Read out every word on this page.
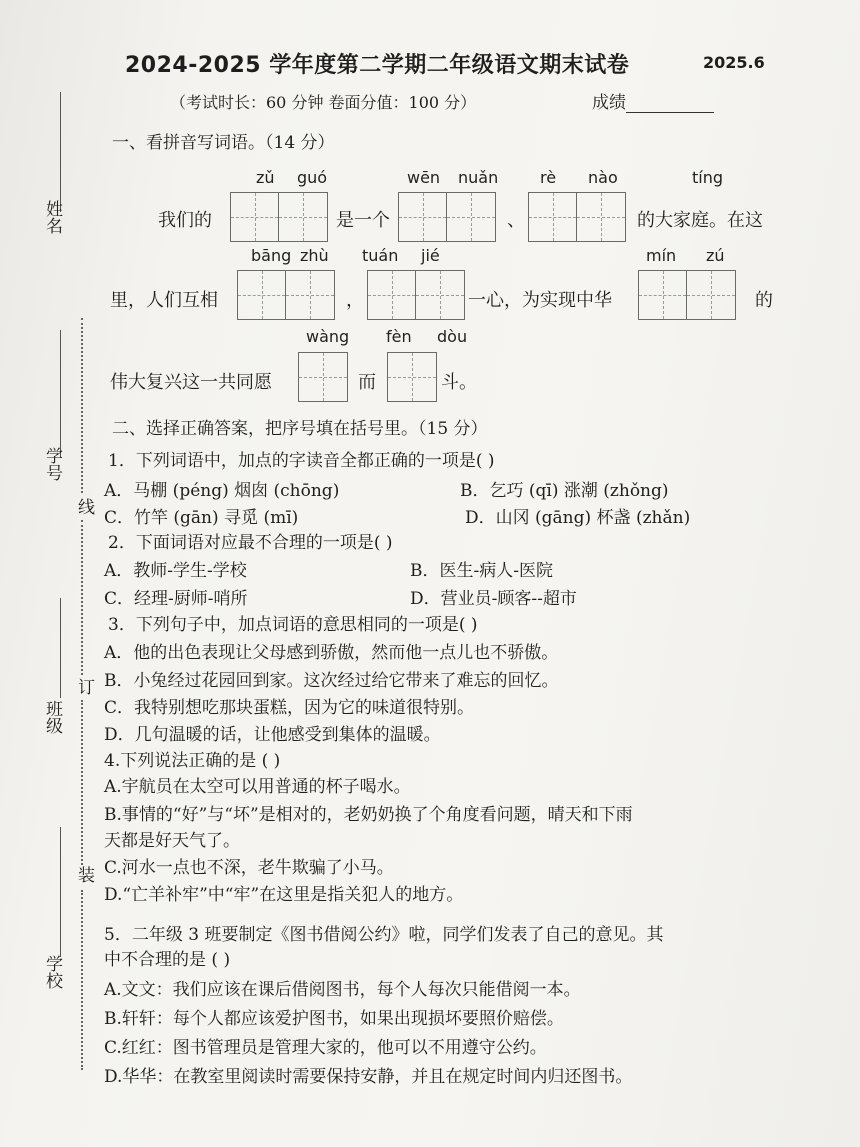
姓名
学号
班级
学校
线
订
装
2024-2025 学年度第二学期二年级语文期末试卷	2025.6
（考试时长：60 分钟 卷面分值：100 分）	成绩
一、看拼音写词语。（14 分）
zǔ guó	wēn nuǎn	rè nào	tíng
我们的	是一个	、	的大家庭。在这
bāng zhù tuán jié	mín zú
里，人们互相	，	一心，为实现中华	的
wàng fèn dòu
伟大复兴这一共同愿	而	斗。
二、选择正确答案，把序号填在括号里。（15 分）
1．下列词语中，加点的字读音全都正确的一项是( )
A．马棚 (péng) 烟囱 (chōng)	B．乞巧 (qī) 涨潮 (zhǒng)
C．竹竿 (gān) 寻觅 (mī)	D．山冈 (gāng) 杯盏 (zhǎn)
2．下面词语对应最不合理的一项是( )
A．教师-学生-学校	B．医生-病人-医院
C．经理-厨师-哨所	D．营业员-顾客--超市
3．下列句子中，加点词语的意思相同的一项是( )
A．他的出色表现让父母感到骄傲，然而他一点儿也不骄傲。
B．小兔经过花园回到家。这次经过给它带来了难忘的回忆。
C．我特别想吃那块蛋糕，因为它的味道很特别。
D．几句温暖的话，让他感受到集体的温暖。
4.下列说法正确的是 ( )
A.宇航员在太空可以用普通的杯子喝水。
B.事情的“好”与“坏”是相对的，老奶奶换了个角度看问题，晴天和下雨
天都是好天气了。
C.河水一点也不深，老牛欺骗了小马。
D.“亡羊补牢”中“牢”在这里是指关犯人的地方。
5．二年级 3 班要制定《图书借阅公约》啦，同学们发表了自己的意见。其
中不合理的是 ( )
A.文文：我们应该在课后借阅图书，每个人每次只能借阅一本。
B.轩轩：每个人都应该爱护图书，如果出现损坏要照价赔偿。
C.红红：图书管理员是管理大家的，他可以不用遵守公约。
D.华华：在教室里阅读时需要保持安静，并且在规定时间内归还图书。
